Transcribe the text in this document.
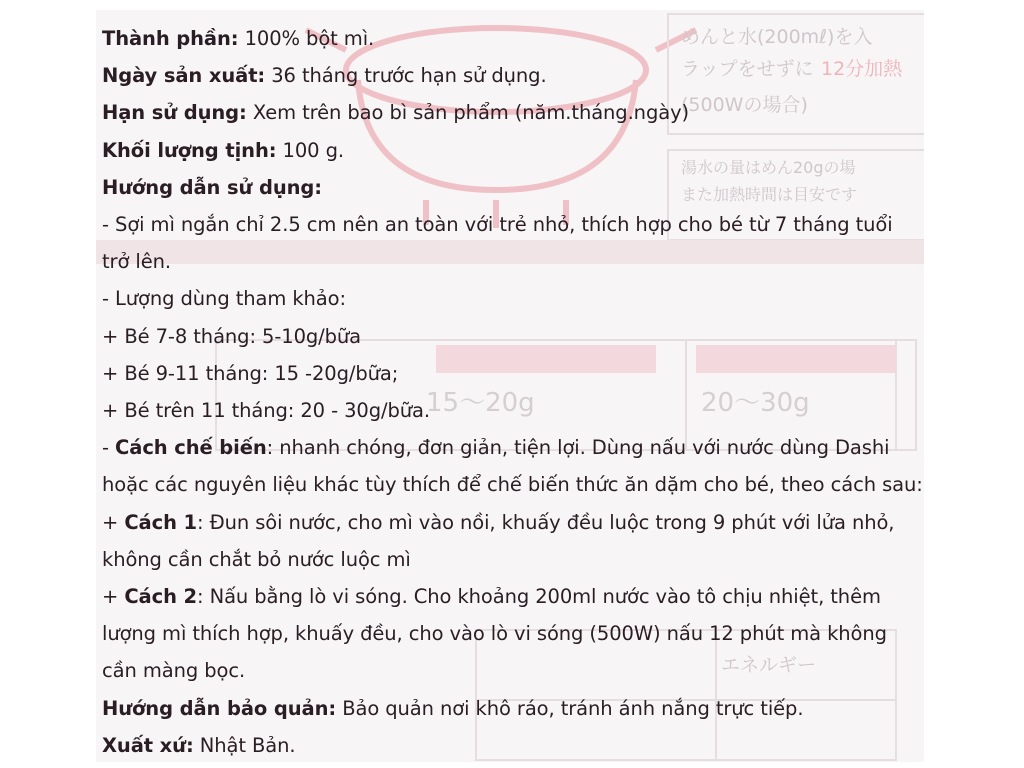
めんと水(200mℓ)を入
ラップをせずに 12分加熱
(500Wの場合)
湯水の量はめん20gの場
また加熱時間は目安です
15～20g	20～30g
エネルギー
Thành phần: 100% bột mì.
Ngày sản xuất: 36 tháng trước hạn sử dụng.
Hạn sử dụng: Xem trên bao bì sản phẩm (năm.tháng.ngày)
Khối lượng tịnh: 100 g.
Hướng dẫn sử dụng:
- Sợi mì ngắn chỉ 2.5 cm nên an toàn với trẻ nhỏ, thích hợp cho bé từ 7 tháng tuổi
trở lên.
- Lượng dùng tham khảo:
+ Bé 7-8 tháng: 5-10g/bữa
+ Bé 9-11 tháng: 15 -20g/bữa;
+ Bé trên 11 tháng: 20 - 30g/bữa.
- Cách chế biến: nhanh chóng, đơn giản, tiện lợi. Dùng nấu với nước dùng Dashi
hoặc các nguyên liệu khác tùy thích để chế biến thức ăn dặm cho bé, theo cách sau:
+ Cách 1: Đun sôi nước, cho mì vào nồi, khuấy đều luộc trong 9 phút với lửa nhỏ,
không cần chắt bỏ nước luộc mì
+ Cách 2: Nấu bằng lò vi sóng. Cho khoảng 200ml nước vào tô chịu nhiệt, thêm
lượng mì thích hợp, khuấy đều, cho vào lò vi sóng (500W) nấu 12 phút mà không
cần màng bọc.
Hướng dẫn bảo quản: Bảo quản nơi khô ráo, tránh ánh nắng trực tiếp.
Xuất xứ: Nhật Bản.
